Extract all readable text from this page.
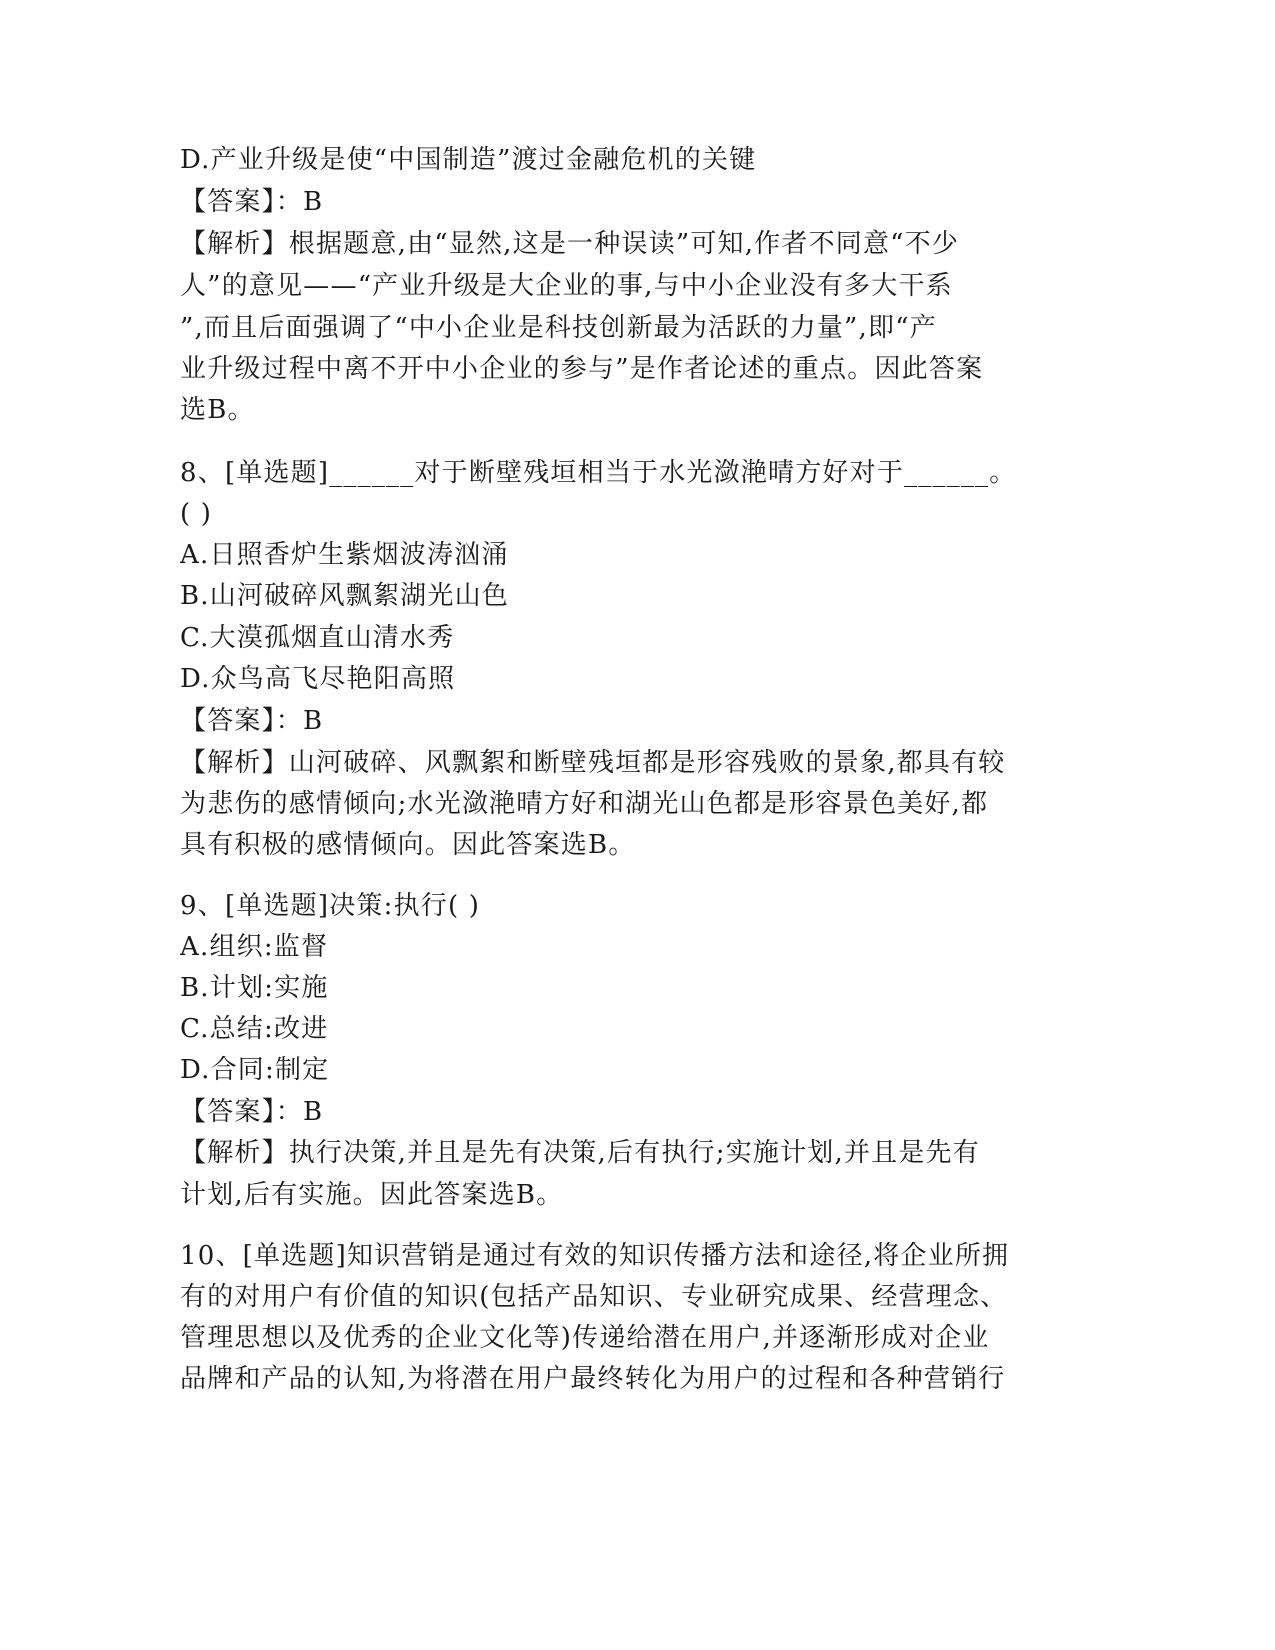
D.产业升级是使“中国制造”渡过金融危机的关键
【答案】：B
【解析】根据题意,由“显然,这是一种误读”可知,作者不同意“不少
人”的意见——“产业升级是大企业的事,与中小企业没有多大干系
”,而且后面强调了“中小企业是科技创新最为活跃的力量”,即“产
业升级过程中离不开中小企业的参与”是作者论述的重点。因此答案
选B。
8、[单选题]______对于断壁残垣相当于水光潋滟晴方好对于______。
( )
A.日照香炉生紫烟波涛汹涌
B.山河破碎风飘絮湖光山色
C.大漠孤烟直山清水秀
D.众鸟高飞尽艳阳高照
【答案】：B
【解析】山河破碎、风飘絮和断壁残垣都是形容残败的景象,都具有较
为悲伤的感情倾向;水光潋滟晴方好和湖光山色都是形容景色美好,都
具有积极的感情倾向。因此答案选B。
9、[单选题]决策:执行( )
A.组织:监督
B.计划:实施
C.总结:改进
D.合同:制定
【答案】：B
【解析】执行决策,并且是先有决策,后有执行;实施计划,并且是先有
计划,后有实施。因此答案选B。
10、[单选题]知识营销是通过有效的知识传播方法和途径,将企业所拥
有的对用户有价值的知识(包括产品知识、专业研究成果、经营理念、
管理思想以及优秀的企业文化等)传递给潜在用户,并逐渐形成对企业
品牌和产品的认知,为将潜在用户最终转化为用户的过程和各种营销行
